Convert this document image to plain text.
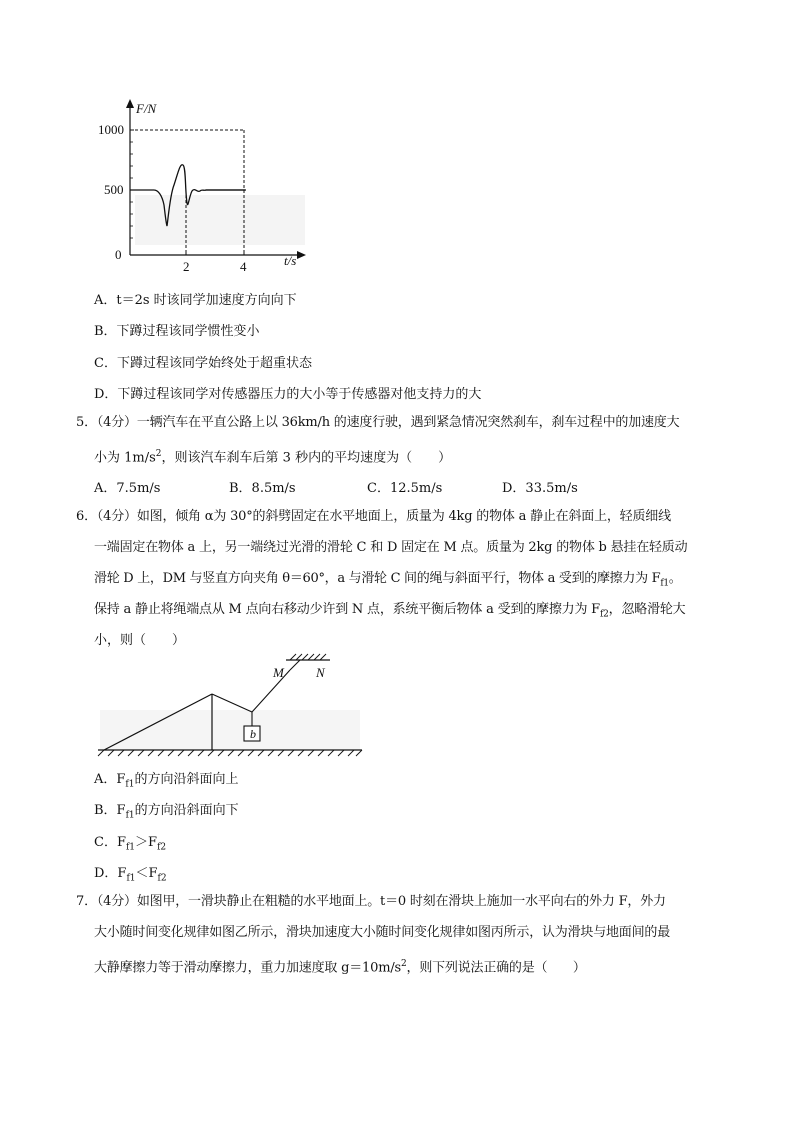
F/N
1000
500
0
2	4	t/s
A．t＝2s 时该同学加速度方向向下
B．下蹲过程该同学惯性变小
C．下蹲过程该同学始终处于超重状态
D．下蹲过程该同学对传感器压力的大小等于传感器对他支持力的大
5．（4分）一辆汽车在平直公路上以 36km/h 的速度行驶，遇到紧急情况突然刹车，刹车过程中的加速度大
小为 $1m/s^2$，则该汽车刹车后第 3 秒内的平均速度为（　　）
A．7.5m/s	B．8.5m/s	C．12.5m/s	D．33.5m/s
6．（4分）如图，倾角 α为 30°的斜劈固定在水平地面上，质量为 4kg 的物体 a 静止在斜面上，轻质细线
一端固定在物体 a 上，另一端绕过光滑的滑轮 C 和 D 固定在 M 点。质量为 2kg 的物体 b 悬挂在轻质动
滑轮 D 上，DM 与竖直方向夹角 θ＝60°，a 与滑轮 C 间的绳与斜面平行，物体 a 受到的摩擦力为 $F_{f1}$。
保持 a 静止将绳端点从 M 点向右移动少许到 N 点，系统平衡后物体 a 受到的摩擦力为 $F_{f2}$，忽略滑轮大
小，则（　　）
M N
b
A．$F_{f1}$的方向沿斜面向上
B．$F_{f1}$的方向沿斜面向下
C．$F_{f1}>F_{f2}$
D．$F_{f1}<F_{f2}$
7．（4分）如图甲，一滑块静止在粗糙的水平地面上。t＝0 时刻在滑块上施加一水平向右的外力 F，外力
大小随时间变化规律如图乙所示，滑块加速度大小随时间变化规律如图丙所示，认为滑块与地面间的最
大静摩擦力等于滑动摩擦力，重力加速度取 $g=10m/s^2$，则下列说法正确的是（　　）
